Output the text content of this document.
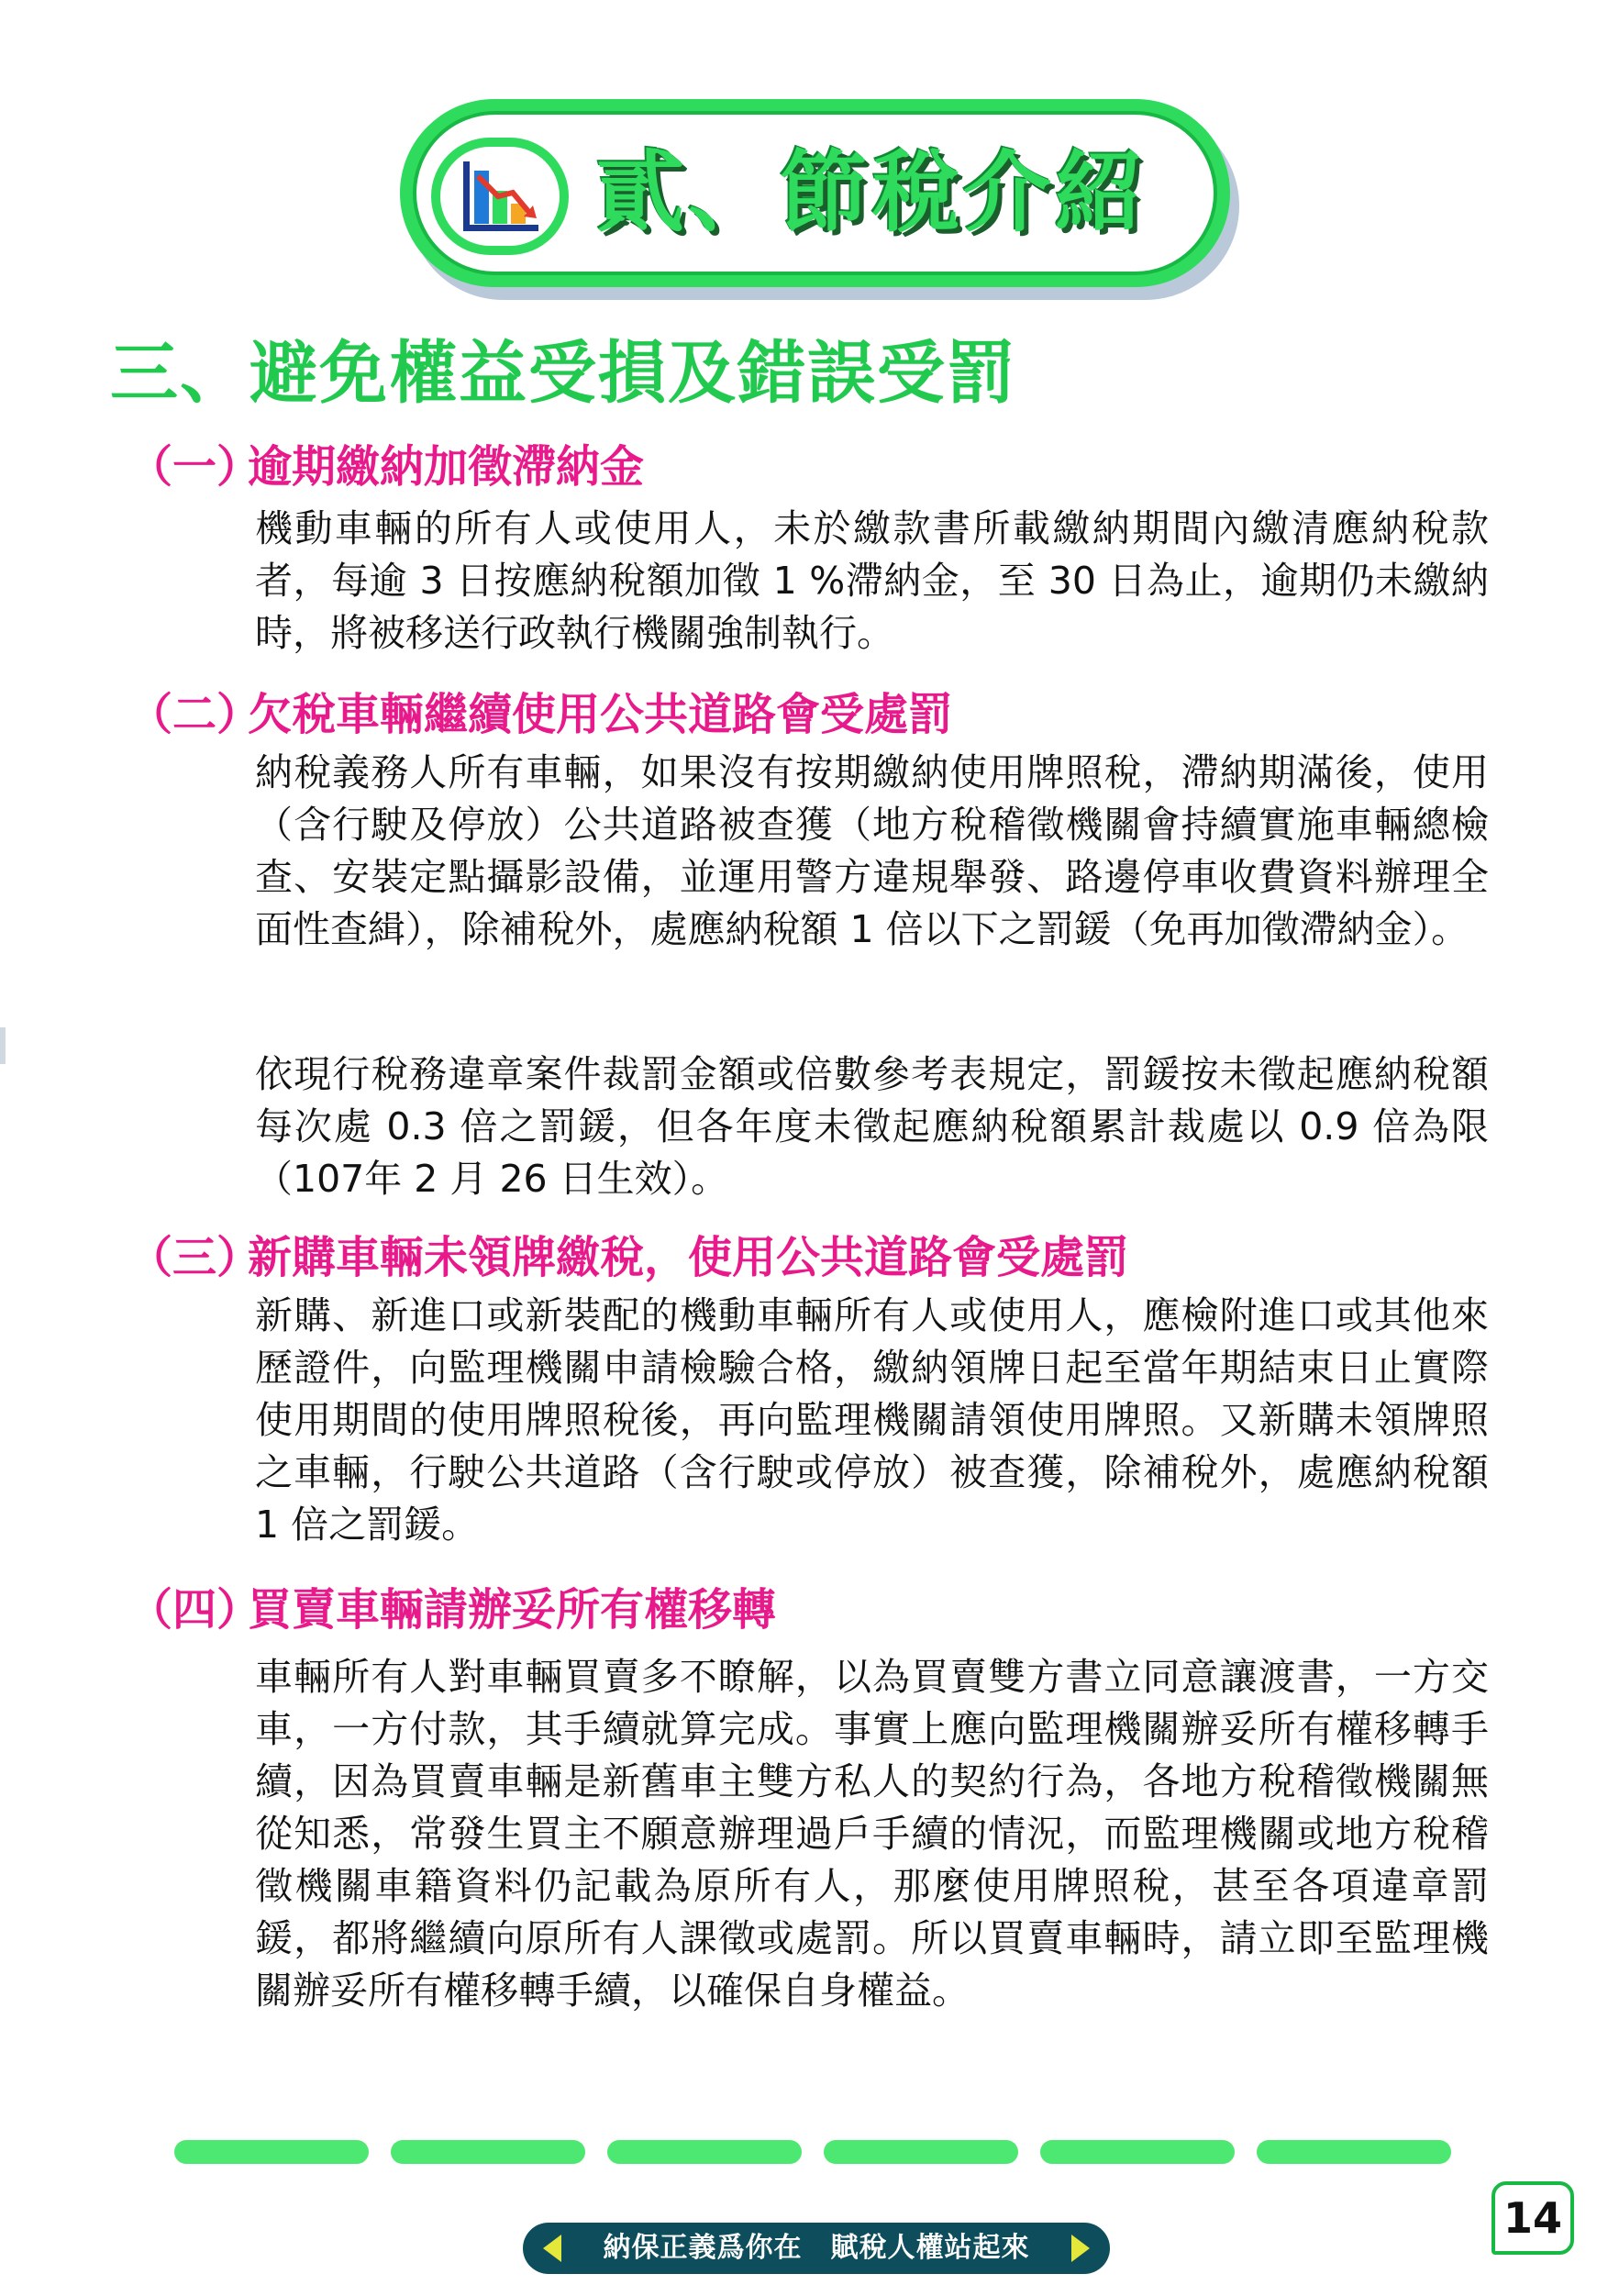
貳、節稅介紹
三、避免權益受損及錯誤受罰
（一）逾期繳納加徵滯納金

機動車輛的所有人或使用人，未於繳款書所載繳納期間內繳清應納稅款者，每逾 3 日按應納稅額加徵 1 %滯納金，至 30 日為止，逾期仍未繳納時，將被移送行政執行機關強制執行。

（二）欠稅車輛繼續使用公共道路會受處罰

納稅義務人所有車輛，如果沒有按期繳納使用牌照稅，滯納期滿後，使用（含行駛及停放）公共道路被查獲（地方稅稽徵機關會持續實施車輛總檢查、安裝定點攝影設備，並運用警方違規舉發、路邊停車收費資料辦理全面性查緝），除補稅外，處應納稅額 1 倍以下之罰鍰（免再加徵滯納金）。

依現行稅務違章案件裁罰金額或倍數參考表規定，罰鍰按未徵起應納稅額每次處 0.3 倍之罰鍰，但各年度未徵起應納稅額累計裁處以 0.9 倍為限（107年 2 月 26 日生效）。

（三）新購車輛未領牌繳稅，使用公共道路會受處罰

新購、新進口或新裝配的機動車輛所有人或使用人，應檢附進口或其他來歷證件，向監理機關申請檢驗合格，繳納領牌日起至當年期結束日止實際使用期間的使用牌照稅後，再向監理機關請領使用牌照。又新購未領牌照之車輛，行駛公共道路（含行駛或停放）被查獲，除補稅外，處應納稅額 1 倍之罰鍰。

（四）買賣車輛請辦妥所有權移轉

車輛所有人對車輛買賣多不瞭解，以為買賣雙方書立同意讓渡書，一方交車，一方付款，其手續就算完成。事實上應向監理機關辦妥所有權移轉手續，因為買賣車輛是新舊車主雙方私人的契約行為，各地方稅稽徵機關無從知悉，常發生買主不願意辦理過戶手續的情況，而監理機關或地方稅稽徵機關車籍資料仍記載為原所有人，那麼使用牌照稅，甚至各項違章罰鍰，都將繼續向原所有人課徵或處罰。所以買賣車輛時，請立即至監理機關辦妥所有權移轉手續，以確保自身權益。

納保正義爲你在　賦稅人權站起來
14
